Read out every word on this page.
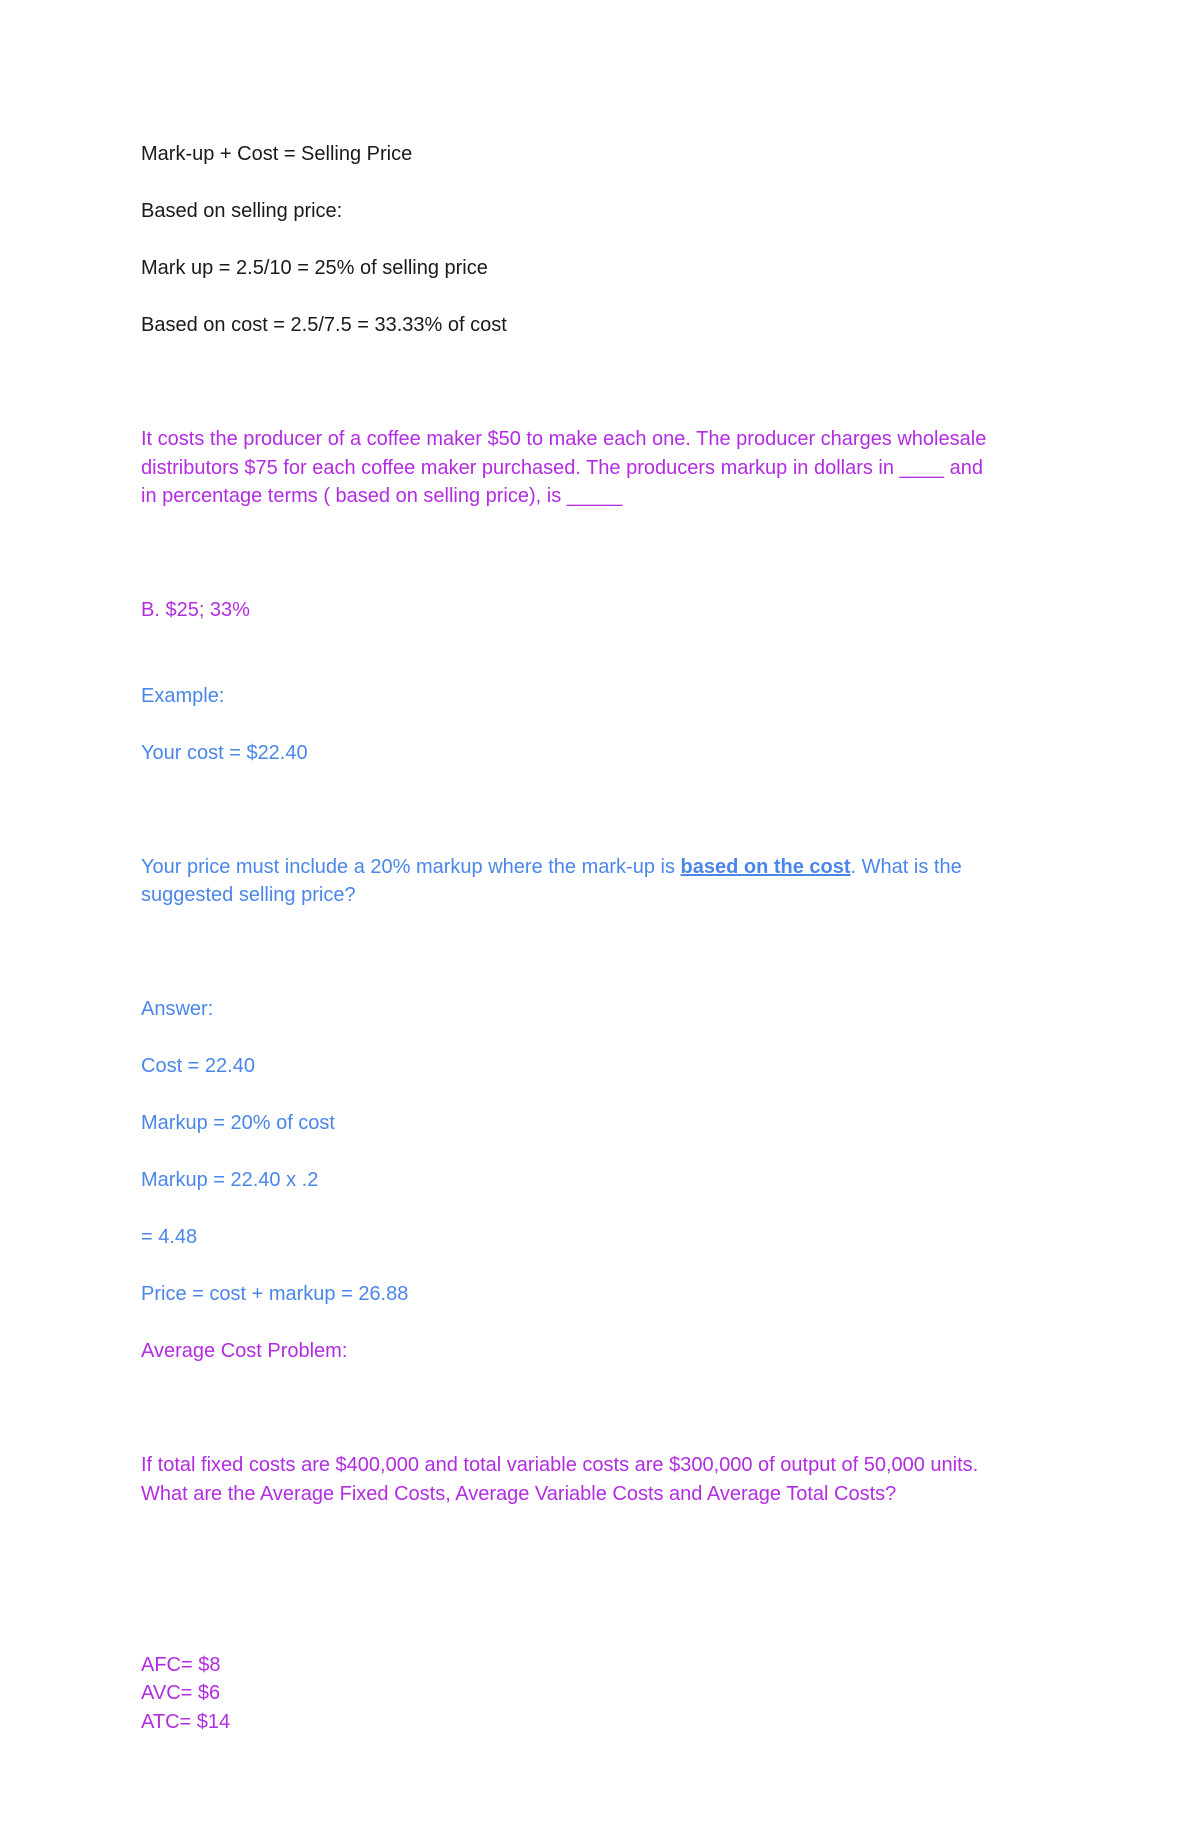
Mark-up + Cost = Selling Price

Based on selling price:

Mark up = 2.5/10 = 25% of selling price

Based on cost = 2.5/7.5 = 33.33% of cost

It costs the producer of a coffee maker $50 to make each one. The producer charges wholesale
distributors $75 for each coffee maker purchased. The producers markup in dollars in ____ and
in percentage terms ( based on selling price), is _____

B. $25; 33%

Example:

Your cost = $22.40

Your price must include a 20% markup where the mark-up is based on the cost. What is the
suggested selling price?

Answer:

Cost = 22.40

Markup = 20% of cost

Markup = 22.40 x .2

= 4.48

Price = cost + markup = 26.88

Average Cost Problem:

If total fixed costs are $400,000 and total variable costs are $300,000 of output of 50,000 units.
What are the Average Fixed Costs, Average Variable Costs and Average Total Costs?

AFC= $8
AVC= $6
ATC= $14
